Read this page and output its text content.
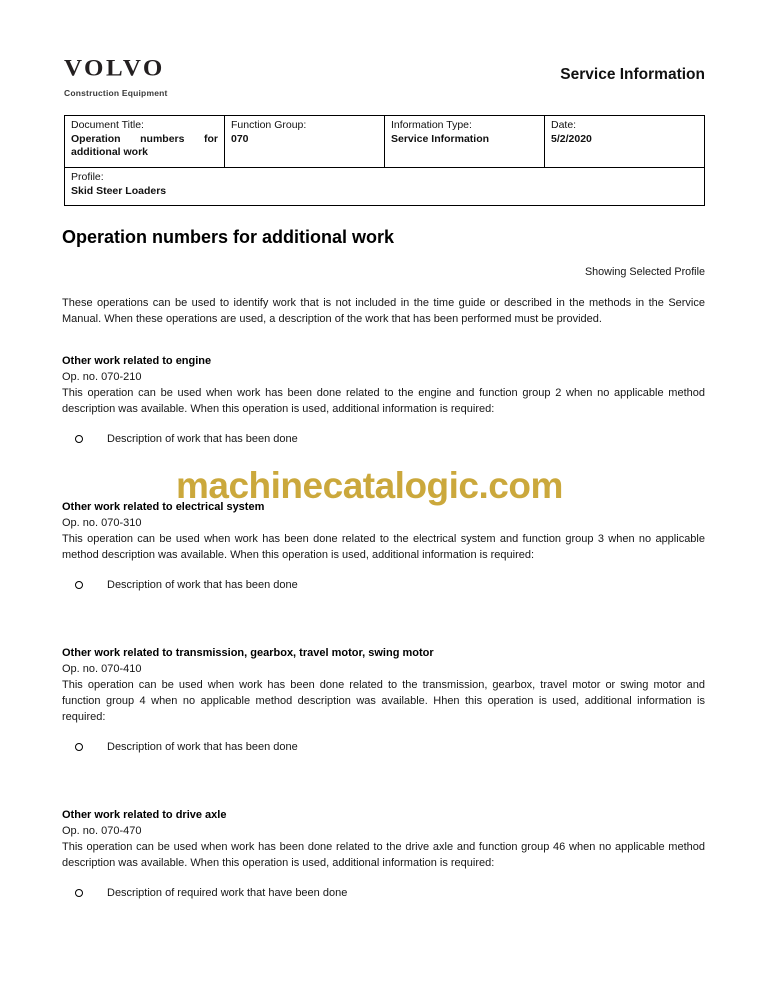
VOLVO
Construction Equipment
Service Information
Document Title:
Operation numbers for additional work

Function Group:
070

Information Type:
Service Information

Date:
5/2/2020

Profile:
Skid Steer Loaders
Operation numbers for additional work
Showing Selected Profile

These operations can be used to identify work that is not included in the time guide or described in the methods in the Service Manual. When these operations are used, a description of the work that has been performed must be provided.

Other work related to engine
Op. no. 070-210

This operation can be used when work has been done related to the engine and function group 2 when no applicable method description was available. When this operation is used, additional information is required:

Description of work that has been done
Other work related to electrical system
Op. no. 070-310

This operation can be used when work has been done related to the electrical system and function group 3 when no applicable method description was available. When this operation is used, additional information is required:

Description of work that has been done
Other work related to transmission, gearbox, travel motor, swing motor
Op. no. 070-410

This operation can be used when work has been done related to the transmission, gearbox, travel motor or swing motor and function group 4 when no applicable method description was available. Hhen this operation is used, additional information is required:

Description of work that has been done
Other work related to drive axle
Op. no. 070-470

This operation can be used when work has been done related to the drive axle and function group 46 when no applicable method description was available. When this operation is used, additional information is required:

Description of required work that have been done
machinecatalogic.com
